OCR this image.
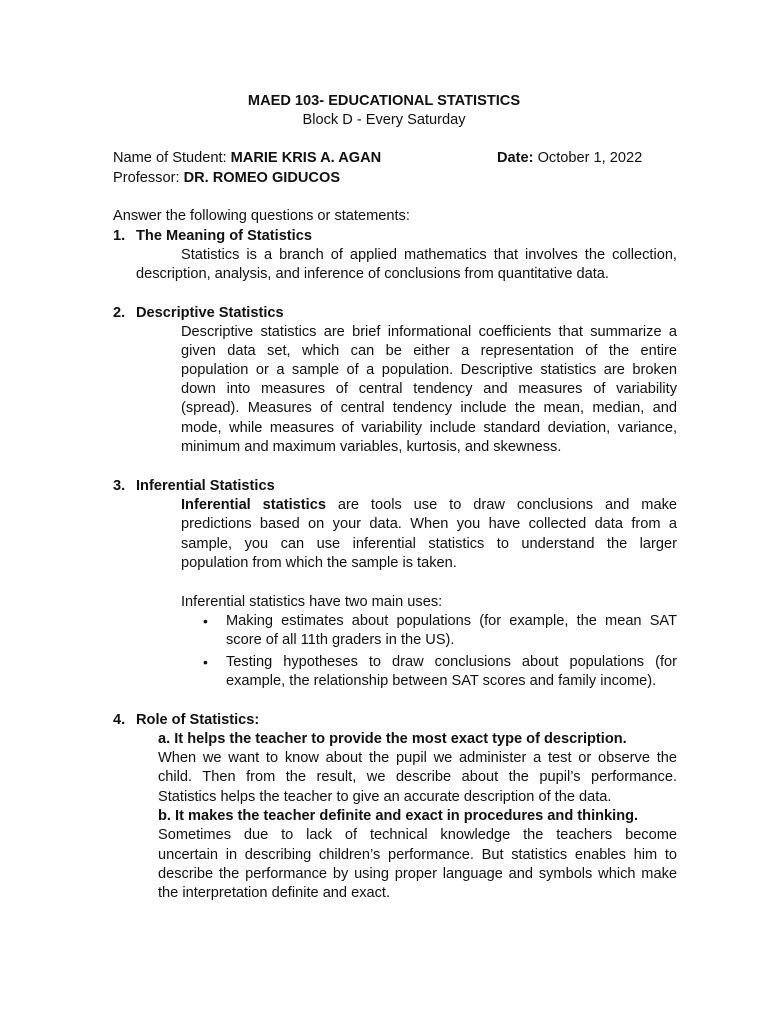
MAED 103- EDUCATIONAL STATISTICS
Block D - Every Saturday
Name of Student: MARIE KRIS A. AGAN	Date: October 1, 2022
Professor: DR. ROMEO GIDUCOS
Answer the following questions or statements:
1. The Meaning of Statistics
Statistics is a branch of applied mathematics that involves the collection,
description, analysis, and inference of conclusions from quantitative data.
2. Descriptive Statistics
Descriptive statistics are brief informational coefficients that summarize a
given data set, which can be either a representation of the entire
population or a sample of a population. Descriptive statistics are broken
down into measures of central tendency and measures of variability
(spread). Measures of central tendency include the mean, median, and
mode, while measures of variability include standard deviation, variance,
minimum and maximum variables, kurtosis, and skewness.
3. Inferential Statistics
Inferential statistics are tools use to draw conclusions and make
predictions based on your data. When you have collected data from a
sample, you can use inferential statistics to understand the larger
population from which the sample is taken.
Inferential statistics have two main uses:
• Making estimates about populations (for example, the mean SAT
score of all 11th graders in the US).
• Testing hypotheses to draw conclusions about populations (for
example, the relationship between SAT scores and family income).
4. Role of Statistics:
a. It helps the teacher to provide the most exact type of description.
When we want to know about the pupil we administer a test or observe the
child. Then from the result, we describe about the pupil’s performance.
Statistics helps the teacher to give an accurate description of the data.
b. It makes the teacher definite and exact in procedures and thinking.
Sometimes due to lack of technical knowledge the teachers become
uncertain in describing children’s performance. But statistics enables him to
describe the performance by using proper language and symbols which make
the interpretation definite and exact.
